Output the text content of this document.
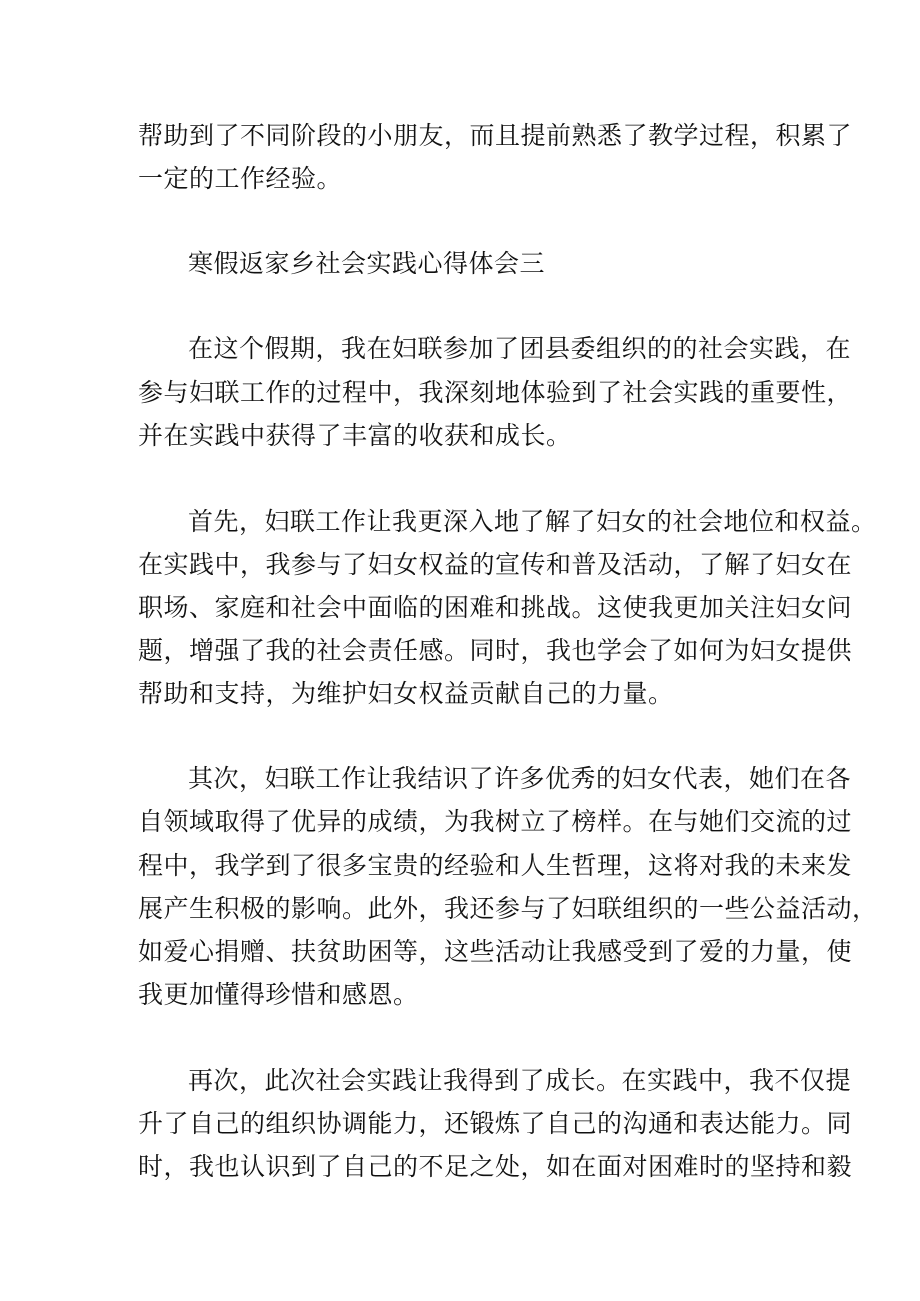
帮助到了不同阶段的小朋友，而且提前熟悉了教学过程，积累了
一定的工作经验。
寒假返家乡社会实践心得体会三
在这个假期，我在妇联参加了团县委组织的的社会实践，在
参与妇联工作的过程中，我深刻地体验到了社会实践的重要性，
并在实践中获得了丰富的收获和成长。
首先，妇联工作让我更深入地了解了妇女的社会地位和权益。
在实践中，我参与了妇女权益的宣传和普及活动，了解了妇女在
职场、家庭和社会中面临的困难和挑战。这使我更加关注妇女问
题，增强了我的社会责任感。同时，我也学会了如何为妇女提供
帮助和支持，为维护妇女权益贡献自己的力量。
其次，妇联工作让我结识了许多优秀的妇女代表，她们在各
自领域取得了优异的成绩，为我树立了榜样。在与她们交流的过
程中，我学到了很多宝贵的经验和人生哲理，这将对我的未来发
展产生积极的影响。此外，我还参与了妇联组织的一些公益活动，
如爱心捐赠、扶贫助困等，这些活动让我感受到了爱的力量，使
我更加懂得珍惜和感恩。
再次，此次社会实践让我得到了成长。在实践中，我不仅提
升了自己的组织协调能力，还锻炼了自己的沟通和表达能力。同
时，我也认识到了自己的不足之处，如在面对困难时的坚持和毅
